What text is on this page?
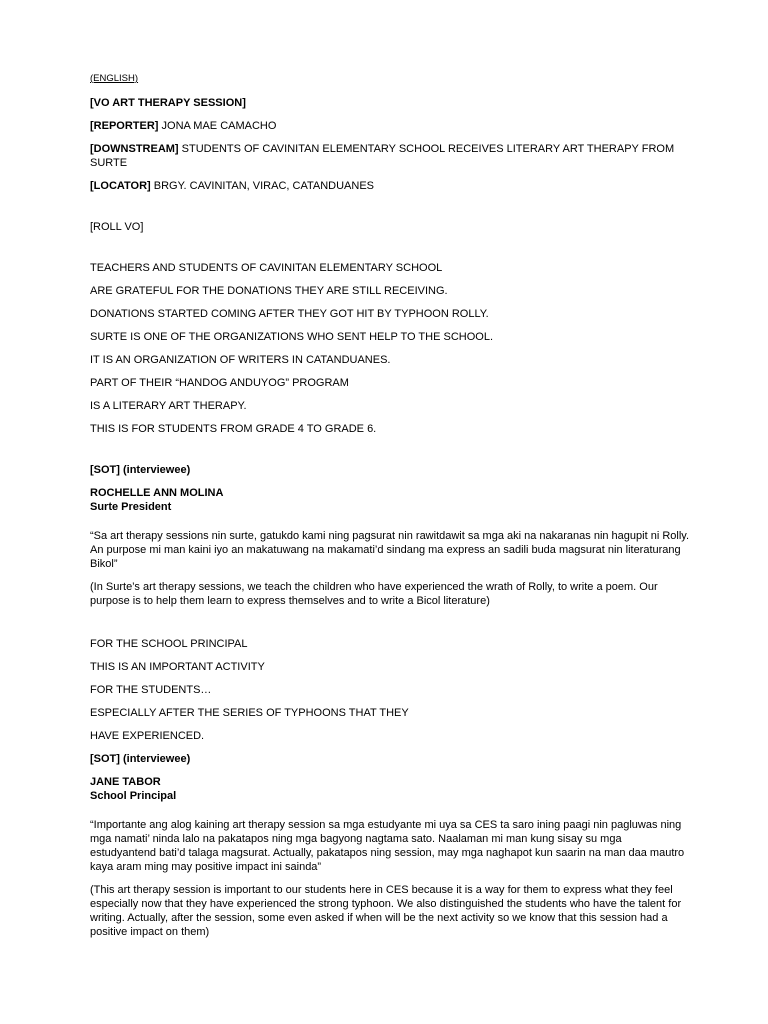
(ENGLISH)

[VO ART THERAPY SESSION]

[REPORTER] JONA MAE CAMACHO

[DOWNSTREAM] STUDENTS OF CAVINITAN ELEMENTARY SCHOOL RECEIVES LITERARY ART THERAPY FROM SURTE

[LOCATOR] BRGY. CAVINITAN, VIRAC, CATANDUANES

[ROLL VO]

TEACHERS AND STUDENTS OF CAVINITAN ELEMENTARY SCHOOL

ARE GRATEFUL FOR THE DONATIONS THEY ARE STILL RECEIVING.

DONATIONS STARTED COMING AFTER THEY GOT HIT BY TYPHOON ROLLY.

SURTE IS ONE OF THE ORGANIZATIONS WHO SENT HELP TO THE SCHOOL.

IT IS AN ORGANIZATION OF WRITERS IN CATANDUANES.

PART OF THEIR “HANDOG ANDUYOG” PROGRAM

IS A LITERARY ART THERAPY.

THIS IS FOR STUDENTS FROM GRADE 4 TO GRADE 6.

[SOT] (interviewee)

ROCHELLE ANN MOLINA

Surte President

“Sa art therapy sessions nin surte, gatukdo kami ning pagsurat nin rawitdawit sa mga aki na nakaranas nin hagupit ni Rolly. An purpose mi man kaini iyo an makatuwang na makamati’d sindang ma express an sadili buda magsurat nin literaturang Bikol”

(In Surte’s art therapy sessions, we teach the children who have experienced the wrath of Rolly, to write a poem. Our purpose is to help them learn to express themselves and to write a Bicol literature)

FOR THE SCHOOL PRINCIPAL

THIS IS AN IMPORTANT ACTIVITY

FOR THE STUDENTS…

ESPECIALLY AFTER THE SERIES OF TYPHOONS THAT THEY

HAVE EXPERIENCED.

[SOT] (interviewee)

JANE TABOR

School Principal

“Importante ang alog kaining art therapy session sa mga estudyante mi uya sa CES ta saro ining paagi nin pagluwas ning mga namati’ ninda lalo na pakatapos ning mga bagyong nagtama sato. Naalaman mi man kung sisay su mga estudyantend bati’d talaga magsurat. Actually, pakatapos ning session, may mga naghapot kun saarin na man daa mautro kaya aram ming may positive impact ini sainda”

(This art therapy session is important to our students here in CES because it is a way for them to express what they feel especially now that they have experienced the strong typhoon. We also distinguished the students who have the talent for writing. Actually, after the session, some even asked if when will be the next activity so we know that this session had a positive impact on them)
